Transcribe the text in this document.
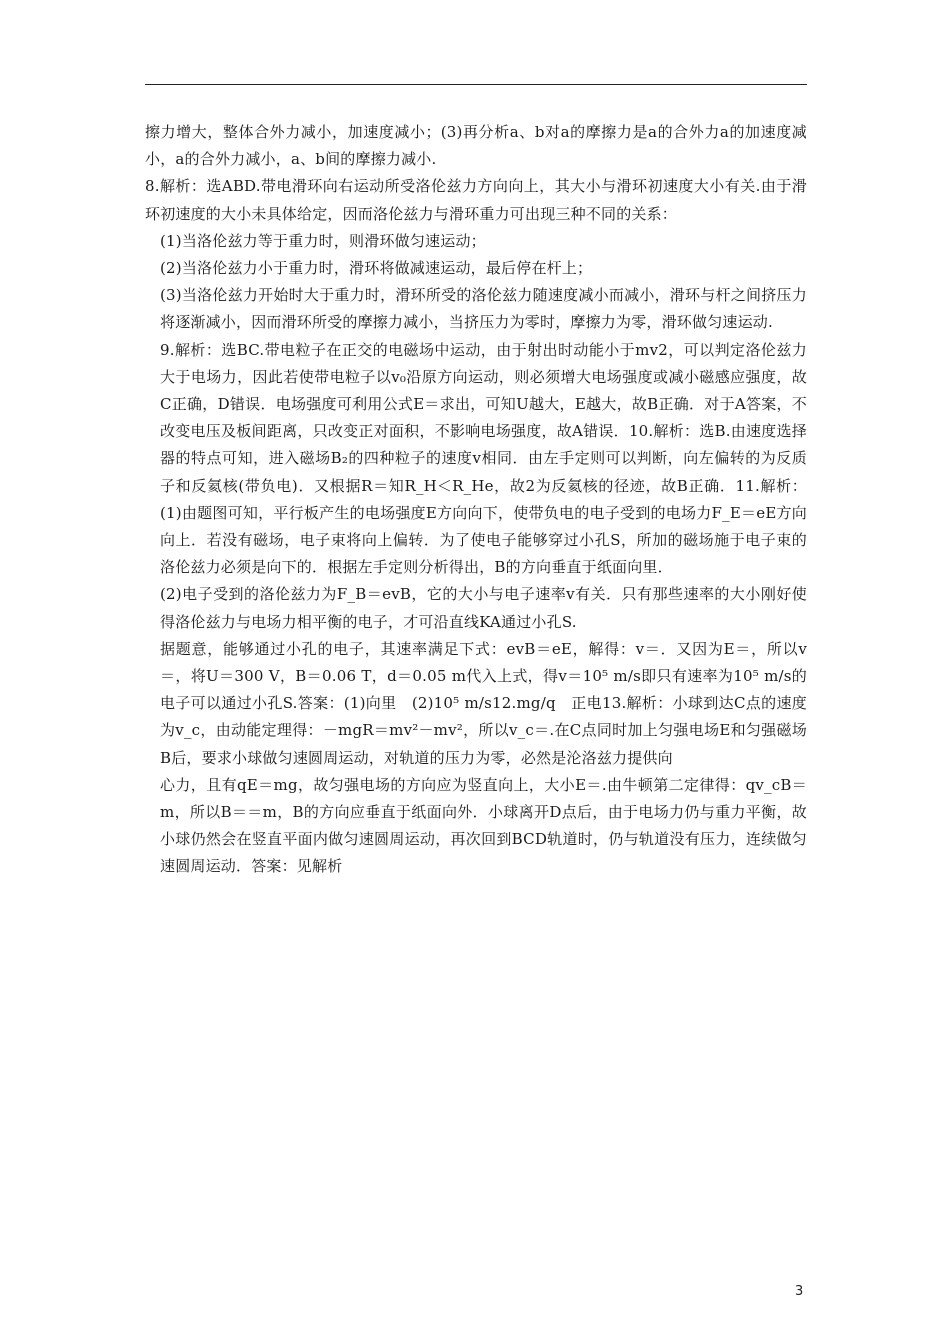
擦力增大，整体合外力减小，加速度减小；(3)再分析a、b对a的摩擦力是a的合外力a的加速度减小，a的合外力减小，a、b间的摩擦力减小.

8.解析：选ABD.带电滑环向右运动所受洛伦兹力方向向上，其大小与滑环初速度大小有关.由于滑环初速度的大小未具体给定，因而洛伦兹力与滑环重力可出现三种不同的关系：

(1)当洛伦兹力等于重力时，则滑环做匀速运动；

(2)当洛伦兹力小于重力时，滑环将做减速运动，最后停在杆上；

(3)当洛伦兹力开始时大于重力时，滑环所受的洛伦兹力随速度减小而减小，滑环与杆之间挤压力将逐渐减小，因而滑环所受的摩擦力减小，当挤压力为零时，摩擦力为零，滑环做匀速运动.

9.解析：选BC.带电粒子在正交的电磁场中运动，由于射出时动能小于mv2，可以判定洛伦兹力大于电场力，因此若使带电粒子以v₀沿原方向运动，则必须增大电场强度或减小磁感应强度，故C正确，D错误．电场强度可利用公式E＝求出，可知U越大，E越大，故B正确．对于A答案，不改变电压及板间距离，只改变正对面积，不影响电场强度，故A错误．10.解析：选B.由速度选择器的特点可知，进入磁场B₂的四种粒子的速度v相同．由左手定则可以判断，向左偏转的为反质子和反氦核(带负电)．又根据R＝知R_H＜R_He，故2为反氦核的径迹，故B正确．11.解析：(1)由题图可知，平行板产生的电场强度E方向向下，使带负电的电子受到的电场力F_E＝eE方向向上．若没有磁场，电子束将向上偏转．为了使电子能够穿过小孔S，所加的磁场施于电子束的洛伦兹力必须是向下的．根据左手定则分析得出，B的方向垂直于纸面向里．

(2)电子受到的洛伦兹力为F_B＝evB，它的大小与电子速率v有关．只有那些速率的大小刚好使得洛伦兹力与电场力相平衡的电子，才可沿直线KA通过小孔S.

据题意，能够通过小孔的电子，其速率满足下式：evB＝eE，解得：v＝．又因为E＝，所以v＝，将U＝300 V，B＝0.06 T，d＝0.05 m代入上式，得v＝10⁵ m/s即只有速率为10⁵ m/s的电子可以通过小孔S.答案：(1)向里　(2)10⁵ m/s12.mg/q　正电13.解析：小球到达C点的速度为v_c，由动能定理得：－mgR＝mv²－mv²，所以v_c＝.在C点同时加上匀强电场E和匀强磁场B后，要求小球做匀速圆周运动，对轨道的压力为零，必然是沦洛兹力提供向

心力，且有qE＝mg，故匀强电场的方向应为竖直向上，大小E＝.由牛顿第二定律得：qv_cB＝m，所以B＝＝m，B的方向应垂直于纸面向外．小球离开D点后，由于电场力仍与重力平衡，故小球仍然会在竖直平面内做匀速圆周运动，再次回到BCD轨道时，仍与轨道没有压力，连续做匀速圆周运动．答案：见解析

3
